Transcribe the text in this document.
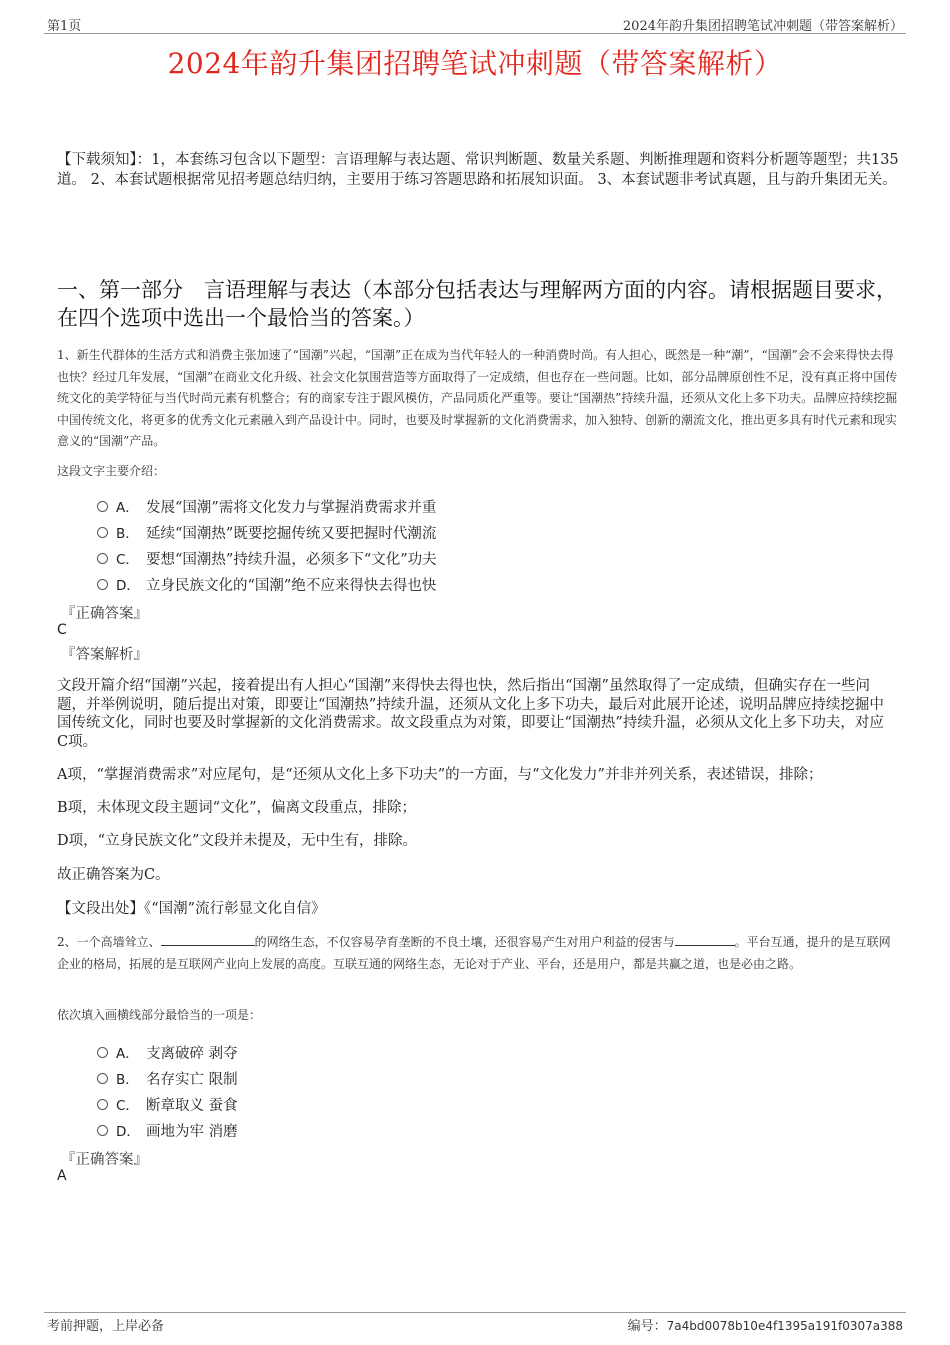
第1页	2024年韵升集团招聘笔试冲刺题（带答案解析）
2024年韵升集团招聘笔试冲刺题（带答案解析）
【下载须知】：1，本套练习包含以下题型：言语理解与表达题、常识判断题、数量关系题、判断推理题和资料分析题等题型；共135道。 2、本套试题根据常见招考题总结归纳，主要用于练习答题思路和拓展知识面。 3、本套试题非考试真题，且与韵升集团无关。
一、第一部分　言语理解与表达（本部分包括表达与理解两方面的内容。请根据题目要求，在四个选项中选出一个最恰当的答案。）
1、新生代群体的生活方式和消费主张加速了“国潮”兴起，“国潮”正在成为当代年轻人的一种消费时尚。有人担心，既然是一种“潮”，“国潮”会不会来得快去得也快？经过几年发展，“国潮”在商业文化升级、社会文化氛围营造等方面取得了一定成绩，但也存在一些问题。比如，部分品牌原创性不足，没有真正将中国传统文化的美学特征与当代时尚元素有机整合；有的商家专注于跟风模仿，产品同质化严重等。要让“国潮热”持续升温，还须从文化上多下功夫。品牌应持续挖掘中国传统文化，将更多的优秀文化元素融入到产品设计中。同时，也要及时掌握新的文化消费需求，加入独特、创新的潮流文化，推出更多具有时代元素和现实意义的“国潮”产品。
这段文字主要介绍：
A． 发展“国潮”需将文化发力与掌握消费需求并重
B． 延续“国潮热”既要挖掘传统又要把握时代潮流
C． 要想“国潮热”持续升温，必须多下“文化”功夫
D． 立身民族文化的“国潮”绝不应来得快去得也快
『正确答案』
C
『答案解析』
文段开篇介绍“国潮”兴起，接着提出有人担心“国潮”来得快去得也快，然后指出“国潮”虽然取得了一定成绩，但确实存在一些问题，并举例说明，随后提出对策，即要让“国潮热”持续升温，还须从文化上多下功夫，最后对此展开论述，说明品牌应持续挖掘中国传统文化，同时也要及时掌握新的文化消费需求。故文段重点为对策，即要让“国潮热”持续升温，必须从文化上多下功夫，对应C项。
A项，“掌握消费需求”对应尾句，是“还须从文化上多下功夫”的一方面，与“文化发力”并非并列关系，表述错误，排除；
B项，未体现文段主题词“文化”，偏离文段重点，排除；
D项，“立身民族文化”文段并未提及，无中生有，排除。
故正确答案为C。
【文段出处】《“国潮”流行彰显文化自信》
2、一个高墙耸立、	的网络生态，不仅容易孕育垄断的不良土壤，还很容易产生对用户利益的侵害与	。平台互通，提升的是互联网企业的格局，拓展的是互联网产业向上发展的高度。互联互通的网络生态，无论对于产业、平台，还是用户，都是共赢之道，也是必由之路。
依次填入画横线部分最恰当的一项是：
A． 支离破碎 剥夺
B． 名存实亡 限制
C． 断章取义 蚕食
D． 画地为牢 消磨
『正确答案』
A
考前押题，上岸必备	编号：7a4bd0078b10e4f1395a191f0307a388
